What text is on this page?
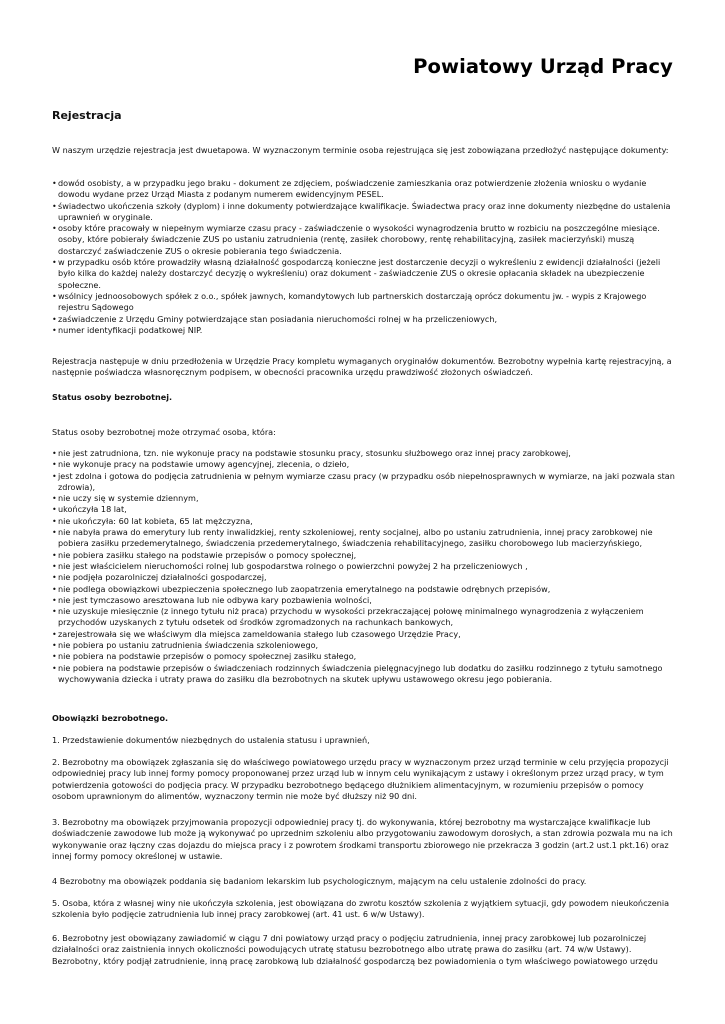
Powiatowy Urząd Pracy
Rejestracja
W naszym urzędzie rejestracja jest dwuetapowa. W wyznaczonym terminie osoba rejestrująca się jest zobowiązana przedłożyć następujące dokumenty:
• dowód osobisty, a w przypadku jego braku - dokument ze zdjęciem, poświadczenie zamieszkania oraz potwierdzenie złożenia wniosku o wydanie dowodu wydane przez Urząd Miasta z podanym numerem ewidencyjnym PESEL.
• świadectwo ukończenia szkoły (dyplom) i inne dokumenty potwierdzające kwalifikacje. Świadectwa pracy oraz inne dokumenty niezbędne do ustalenia uprawnień w oryginale.
• osoby które pracowały w niepełnym wymiarze czasu pracy - zaświadczenie o wysokości wynagrodzenia brutto w rozbiciu na poszczególne miesiące. osoby, które pobierały świadczenie ZUS po ustaniu zatrudnienia (rentę, zasiłek chorobowy, rentę rehabilitacyjną, zasiłek macierzyński) muszą dostarczyć zaświadczenie ZUS o okresie pobierania tego świadczenia.
• w przypadku osób które prowadziły własną działalność gospodarczą konieczne jest dostarczenie decyzji o wykreśleniu z ewidencji działalności (jeżeli było kilka do każdej należy dostarczyć decyzję o wykreśleniu) oraz dokument - zaświadczenie ZUS o okresie opłacania składek na ubezpieczenie społeczne.
• wsólnicy jednoosobowych spółek z o.o., spółek jawnych, komandytowych lub partnerskich dostarczają oprócz dokumentu jw. - wypis z Krajowego rejestru Sądowego
• zaświadczenie z Urzędu Gminy potwierdzające stan posiadania nieruchomości rolnej w ha przeliczeniowych,
• numer identyfikacji podatkowej NIP.
Rejestracja następuje w dniu przedłożenia w Urzędzie Pracy kompletu wymaganych oryginałów dokumentów. Bezrobotny wypełnia kartę rejestracyjną, a następnie poświadcza własnoręcznym podpisem, w obecności pracownika urzędu prawdziwość złożonych oświadczeń.
Status osoby bezrobotnej.
Status osoby bezrobotnej może otrzymać osoba, która:
• nie jest zatrudniona, tzn. nie wykonuje pracy na podstawie stosunku pracy, stosunku służbowego oraz innej pracy zarobkowej,
• nie wykonuje pracy na podstawie umowy agencyjnej, zlecenia, o dzieło,
• jest zdolna i gotowa do podjęcia zatrudnienia w pełnym wymiarze czasu pracy (w przypadku osób niepełnosprawnych w wymiarze, na jaki pozwala stan zdrowia),
• nie uczy się w systemie dziennym,
• ukończyła 18 lat,
• nie ukończyła: 60 lat kobieta, 65 lat mężczyzna,
• nie nabyła prawa do emerytury lub renty inwalidzkiej, renty szkoleniowej, renty socjalnej, albo po ustaniu zatrudnienia, innej pracy zarobkowej nie pobiera zasiłku przedemerytalnego, świadczenia przedemerytalnego, świadczenia rehabilitacyjnego, zasiłku chorobowego lub macierzyńskiego,
• nie pobiera zasiłku stałego na podstawie przepisów o pomocy społecznej,
• nie jest właścicielem nieruchomości rolnej lub gospodarstwa rolnego o powierzchni powyżej 2 ha przeliczeniowych ,
• nie podjęła pozarolniczej działalności gospodarczej,
• nie podlega obowiązkowi ubezpieczenia społecznego lub zaopatrzenia emerytalnego na podstawie odrębnych przepisów,
• nie jest tymczasowo aresztowana lub nie odbywa kary pozbawienia wolności,
• nie uzyskuje miesięcznie (z innego tytułu niż praca) przychodu w wysokości przekraczającej połowę minimalnego wynagrodzenia z wyłączeniem przychodów uzyskanych z tytułu odsetek od środków zgromadzonych na rachunkach bankowych,
• zarejestrowała się we właściwym dla miejsca zameldowania stałego lub czasowego Urzędzie Pracy,
• nie pobiera po ustaniu zatrudnienia świadczenia szkoleniowego,
• nie pobiera na podstawie przepisów o pomocy społecznej zasiłku stałego,
• nie pobiera na podstawie przepisów o świadczeniach rodzinnych świadczenia pielęgnacyjnego lub dodatku do zasiłku rodzinnego z tytułu samotnego wychowywania dziecka i utraty prawa do zasiłku dla bezrobotnych na skutek upływu ustawowego okresu jego pobierania.
Obowiązki bezrobotnego.
1. Przedstawienie dokumentów niezbędnych do ustalenia statusu i uprawnień,
2. Bezrobotny ma obowiązek zgłaszania się do właściwego powiatowego urzędu pracy w wyznaczonym przez urząd terminie w celu przyjęcia propozycji odpowiedniej pracy lub innej formy pomocy proponowanej przez urząd lub w innym celu wynikającym z ustawy i określonym przez urząd pracy, w tym potwierdzenia gotowości do podjęcia pracy. W przypadku bezrobotnego będącego dłużnikiem alimentacyjnym, w rozumieniu przepisów o pomocy osobom uprawnionym do alimentów, wyznaczony termin nie może być dłuższy niż 90 dni.
3. Bezrobotny ma obowiązek przyjmowania propozycji odpowiedniej pracy tj. do wykonywania, której bezrobotny ma wystarczające kwalifikacje lub doświadczenie zawodowe lub może ją wykonywać po uprzednim szkoleniu albo przygotowaniu zawodowym dorosłych, a stan zdrowia pozwala mu na ich wykonywanie oraz łączny czas dojazdu do miejsca pracy i z powrotem środkami transportu zbiorowego nie przekracza 3 godzin (art.2 ust.1 pkt.16) oraz innej formy pomocy określonej w ustawie.
4 Bezrobotny ma obowiązek poddania się badaniom lekarskim lub psychologicznym, mającym na celu ustalenie zdolności do pracy.
5. Osoba, która z własnej winy nie ukończyła szkolenia, jest obowiązana do zwrotu kosztów szkolenia z wyjątkiem sytuacji, gdy powodem nieukończenia szkolenia było podjęcie zatrudnienia lub innej pracy zarobkowej (art. 41 ust. 6 w/w Ustawy).
6. Bezrobotny jest obowiązany zawiadomić w ciągu 7 dni powiatowy urząd pracy o podjęciu zatrudnienia, innej pracy zarobkowej lub pozarolniczej działalności oraz zaistnienia innych okoliczności powodujących utratę statusu bezrobotnego albo utratę prawa do zasiłku (art. 74 w/w Ustawy). Bezrobotny, który podjął zatrudnienie, inną pracę zarobkową lub działalność gospodarczą bez powiadomienia o tym właściwego powiatowego urzędu
